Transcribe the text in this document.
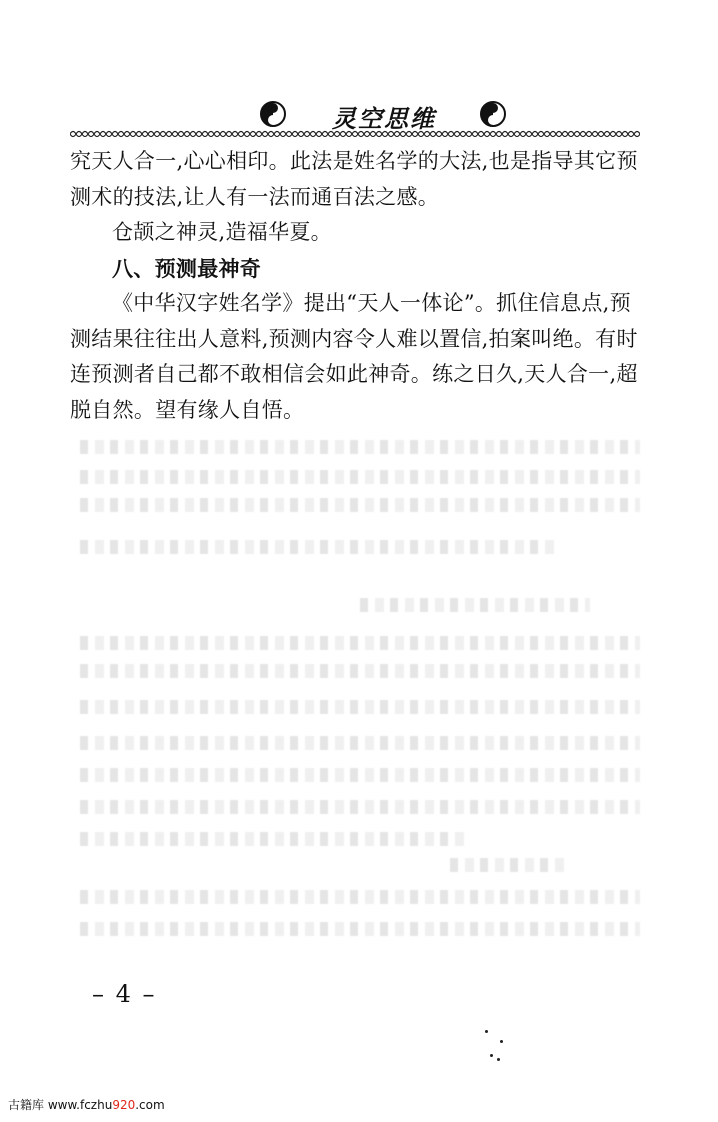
灵空思维

究天人合一,心心相印。此法是姓名学的大法,也是指导其它预测术的技法,让人有一法而通百法之感。

仓颉之神灵,造福华夏。

八、预测最神奇

《中华汉字姓名学》提出“天人一体论”。抓住信息点,预测结果往往出人意料,预测内容令人难以置信,拍案叫绝。有时连预测者自己都不敢相信会如此神奇。练之日久,天人合一,超脱自然。望有缘人自悟。

– 4 –
古籍库 www.fczhu920.com
